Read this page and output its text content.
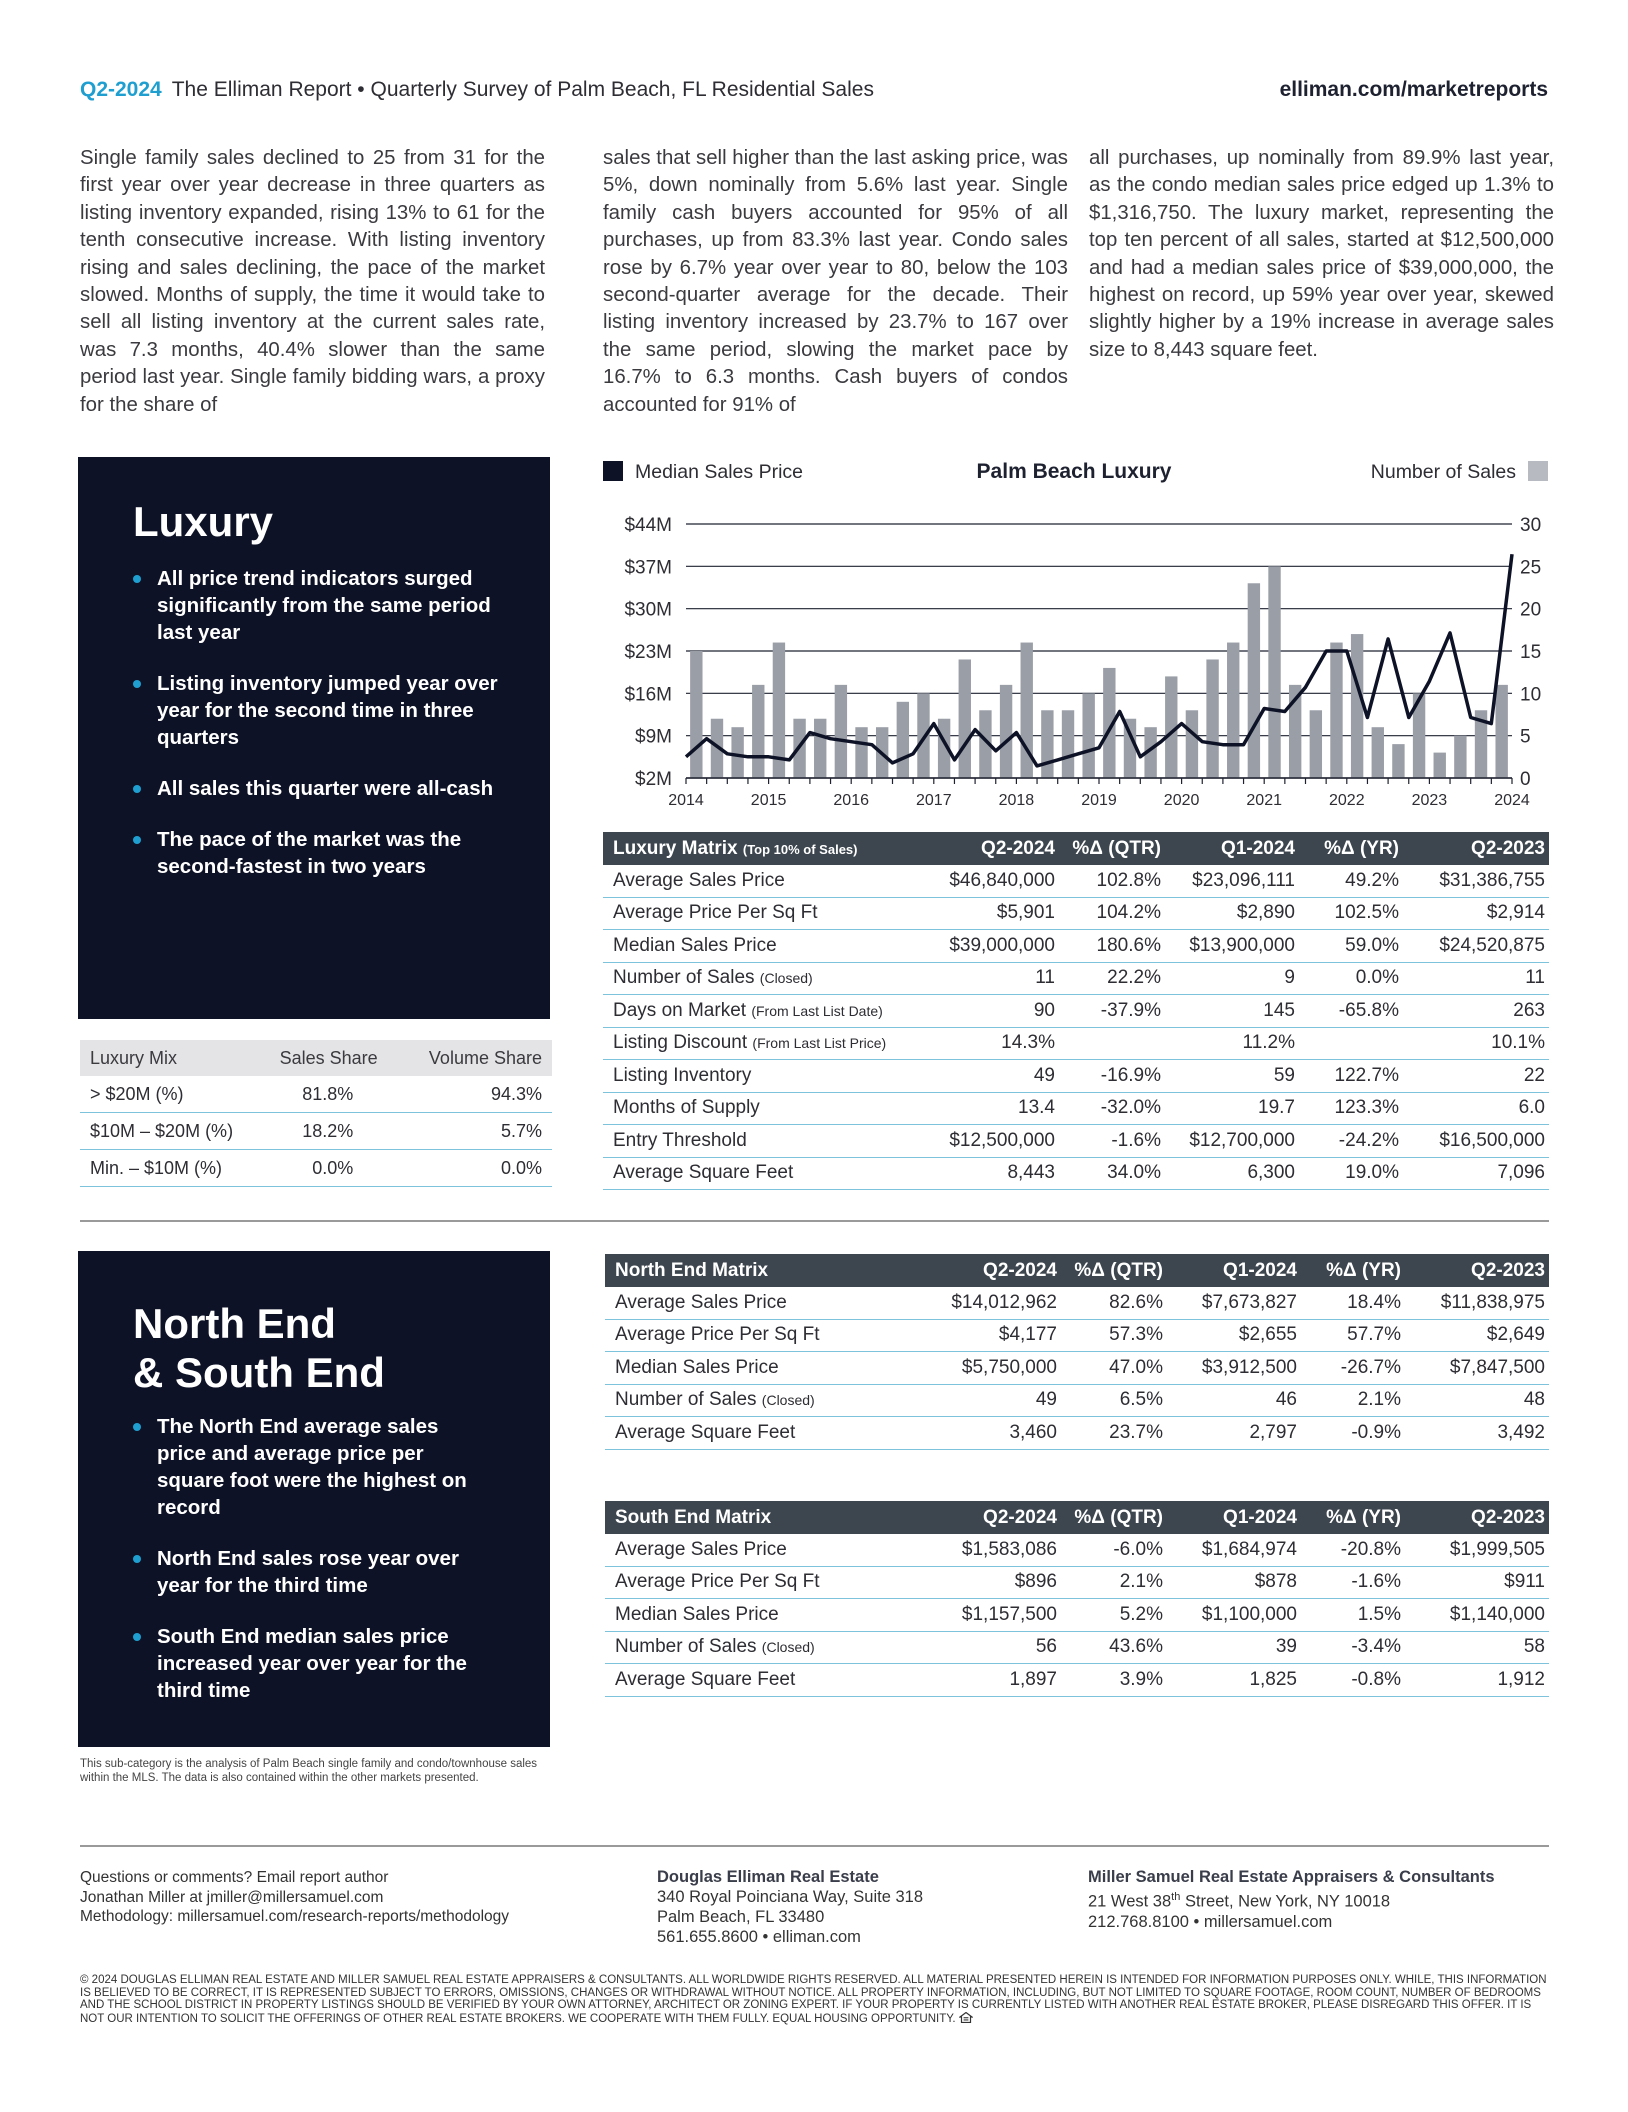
Q2-2024 The Elliman Report • Quarterly Survey of Palm Beach, FL Residential Sales	elliman.com/marketreports
Single family sales declined to 25 from 31 for the first year over year decrease in three quarters as listing inventory expanded, rising 13% to 61 for the tenth consecutive increase. With listing inventory rising and sales declining, the pace of the market slowed. Months of supply, the time it would take to sell all listing inventory at the current sales rate, was 7.3 months, 40.4% slower than the same period last year. Single family bidding wars, a proxy for the share of
sales that sell higher than the last asking price, was 5%, down nominally from 5.6% last year. Single family cash buyers accounted for 95% of all purchases, up from 83.3% last year. Condo sales rose by 6.7% year over year to 80, below the 103 second-quarter average for the decade. Their listing inventory increased by 23.7% to 167 over the same period, slowing the market pace by 16.7% to 6.3 months. Cash buyers of condos accounted for 91% of
all purchases, up nominally from 89.9% last year, as the condo median sales price edged up 1.3% to $1,316,750. The luxury market, representing the top ten percent of all sales, started at $12,500,000 and had a median sales price of $39,000,000, the highest on record, up 59% year over year, skewed slightly higher by a 19% increase in average sales size to 8,443 square feet.
Luxury
All price trend indicators surged significantly from the same period last year
Listing inventory jumped year over year for the second time in three quarters
All sales this quarter were all-cash
The pace of the market was the second-fastest in two years
Luxury Mix	Sales Share	Volume Share
> $20M (%)	81.8%	94.3%
$10M – $20M (%)	18.2%	5.7%
Min. – $10M (%)	0.0%	0.0%
Median Sales Price	Palm Beach Luxury	Number of Sales
$44M	30
$37M	25
$30M	20
$23M	15
$16M	10
$9M	5
$2M	0
2014	2015	2016	2017	2018	2019	2020	2021	2022	2023	2024
Luxury Matrix (Top 10% of Sales)	Q2-2024	%Δ (QTR)	Q1-2024	%Δ (YR)	Q2-2023
Average Sales Price	$46,840,000	102.8%	$23,096,111	49.2%	$31,386,755
Average Price Per Sq Ft	$5,901	104.2%	$2,890	102.5%	$2,914
Median Sales Price	$39,000,000	180.6%	$13,900,000	59.0%	$24,520,875
Number of Sales (Closed)	11	22.2%	9	0.0%	11
Days on Market (From Last List Date)	90	-37.9%	145	-65.8%	263
Listing Discount (From Last List Price)	14.3%		11.2%		10.1%
Listing Inventory	49	-16.9%	59	122.7%	22
Months of Supply	13.4	-32.0%	19.7	123.3%	6.0
Entry Threshold	$12,500,000	-1.6%	$12,700,000	-24.2%	$16,500,000
Average Square Feet	8,443	34.0%	6,300	19.0%	7,096
North End
& South End
The North End average sales price and average price per square foot were the highest on record
North End sales rose year over year for the third time
South End median sales price increased year over year for the third time
This sub-category is the analysis of Palm Beach single family and condo/townhouse sales within the MLS. The data is also contained within the other markets presented.
North End Matrix	Q2-2024	%Δ (QTR)	Q1-2024	%Δ (YR)	Q2-2023
Average Sales Price	$14,012,962	82.6%	$7,673,827	18.4%	$11,838,975
Average Price Per Sq Ft	$4,177	57.3%	$2,655	57.7%	$2,649
Median Sales Price	$5,750,000	47.0%	$3,912,500	-26.7%	$7,847,500
Number of Sales (Closed)	49	6.5%	46	2.1%	48
Average Square Feet	3,460	23.7%	2,797	-0.9%	3,492
South End Matrix	Q2-2024	%Δ (QTR)	Q1-2024	%Δ (YR)	Q2-2023
Average Sales Price	$1,583,086	-6.0%	$1,684,974	-20.8%	$1,999,505
Average Price Per Sq Ft	$896	2.1%	$878	-1.6%	$911
Median Sales Price	$1,157,500	5.2%	$1,100,000	1.5%	$1,140,000
Number of Sales (Closed)	56	43.6%	39	-3.4%	58
Average Square Feet	1,897	3.9%	1,825	-0.8%	1,912
Questions or comments? Email report author
Jonathan Miller at jmiller@millersamuel.com
Methodology: millersamuel.com/research-reports/methodology
Douglas Elliman Real Estate
340 Royal Poinciana Way, Suite 318
Palm Beach, FL 33480
561.655.8600 • elliman.com
Miller Samuel Real Estate Appraisers & Consultants
21 West 38th Street, New York, NY 10018
212.768.8100 • millersamuel.com
© 2024 DOUGLAS ELLIMAN REAL ESTATE AND MILLER SAMUEL REAL ESTATE APPRAISERS & CONSULTANTS. ALL WORLDWIDE RIGHTS RESERVED. ALL MATERIAL PRESENTED HEREIN IS INTENDED FOR INFORMATION PURPOSES ONLY. WHILE, THIS INFORMATION IS BELIEVED TO BE CORRECT, IT IS REPRESENTED SUBJECT TO ERRORS, OMISSIONS, CHANGES OR WITHDRAWAL WITHOUT NOTICE. ALL PROPERTY INFORMATION, INCLUDING, BUT NOT LIMITED TO SQUARE FOOTAGE, ROOM COUNT, NUMBER OF BEDROOMS AND THE SCHOOL DISTRICT IN PROPERTY LISTINGS SHOULD BE VERIFIED BY YOUR OWN ATTORNEY, ARCHITECT OR ZONING EXPERT. IF YOUR PROPERTY IS CURRENTLY LISTED WITH ANOTHER REAL ESTATE BROKER, PLEASE DISREGARD THIS OFFER. IT IS NOT OUR INTENTION TO SOLICIT THE OFFERINGS OF OTHER REAL ESTATE BROKERS. WE COOPERATE WITH THEM FULLY. EQUAL HOUSING OPPORTUNITY.
